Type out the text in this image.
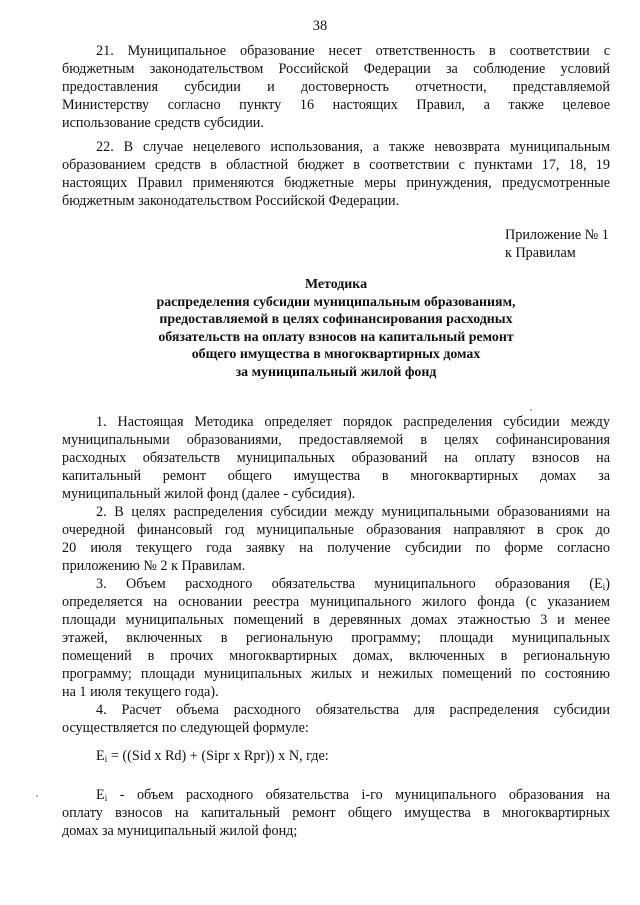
38
21. Муниципальное образование несет ответственность в соответствии с
бюджетным законодательством Российской Федерации за соблюдение условий
предоставления субсидии и достоверность отчетности, представляемой
Министерству согласно пункту 16 настоящих Правил, а также целевое
использование средств субсидии.
22. В случае нецелевого использования, а также невозврата муниципальным
образованием средств в областной бюджет в соответствии с пунктами 17, 18, 19
настоящих Правил применяются бюджетные меры принуждения, предусмотренные
бюджетным законодательством Российской Федерации.
Приложение № 1
к Правилам
Методика
распределения субсидии муниципальным образованиям,
предоставляемой в целях софинансирования расходных
обязательств на оплату взносов на капитальный ремонт
общего имущества в многоквартирных домах
за муниципальный жилой фонд
1. Настоящая Методика определяет порядок распределения субсидии между
муниципальными образованиями, предоставляемой в целях софинансирования
расходных обязательств муниципальных образований на оплату взносов на
капитальный ремонт общего имущества в многоквартирных домах за
муниципальный жилой фонд (далее - субсидия).
2. В целях распределения субсидии между муниципальными образованиями на
очередной финансовый год муниципальные образования направляют в срок до
20 июля текущего года заявку на получение субсидии по форме согласно
приложению № 2 к Правилам.
3. Объем расходного обязательства муниципального образования $(E_i)$
определяется на основании реестра муниципального жилого фонда (с указанием
площади муниципальных помещений в деревянных домах этажностью 3 и менее
этажей, включенных в региональную программу; площади муниципальных
помещений в прочих многоквартирных домах, включенных в региональную
программу; площади муниципальных жилых и нежилых помещений по состоянию
на 1 июля текущего года).
4. Расчет объема расходного обязательства для распределения субсидии
осуществляется по следующей формуле:
$E_i = ((Sid$ x Rd) + (Sipr x Rpr)) x N, где:
$E_i$ - объем расходного обязательства i-го муниципального образования на
оплату взносов на капитальный ремонт общего имущества в многоквартирных
домах за муниципальный жилой фонд;
